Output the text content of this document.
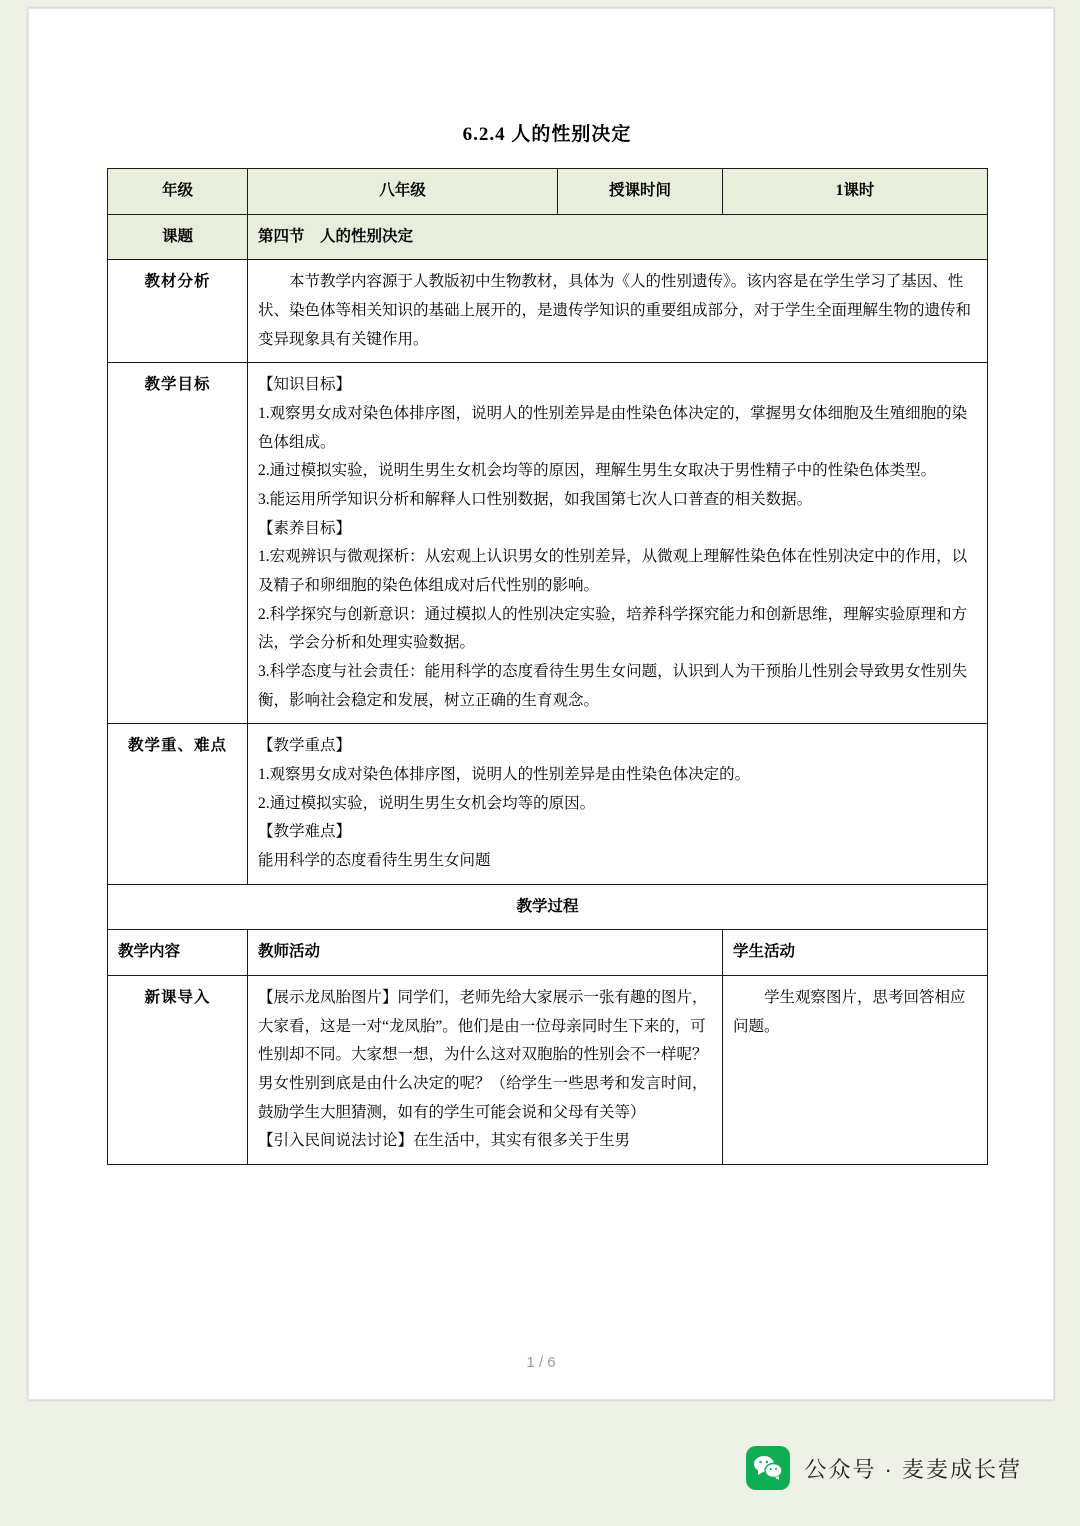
6.2.4 人的性别决定
年级	八年级	授课时间	1课时
课题	第四节　人的性别决定		
教材分析	本节教学内容源于人教版初中生物教材，具体为《人的性别遗传》。该内容是在学生学习了基因、性状、染色体等相关知识的基础上展开的，是遗传学知识的重要组成部分，对于学生全面理解生物的遗传和变异现象具有关键作用。		

教学目标	【知识目标】

1.观察男女成对染色体排序图，说明人的性别差异是由性染色体决定的，掌握男女体细胞及生殖细胞的染色体组成。

2.通过模拟实验，说明生男生女机会均等的原因，理解生男生女取决于男性精子中的性染色体类型。

3.能运用所学知识分析和解释人口性别数据，如我国第七次人口普查的相关数据。

【素养目标】

1.宏观辨识与微观探析：从宏观上认识男女的性别差异，从微观上理解性染色体在性别决定中的作用，以及精子和卵细胞的染色体组成对后代性别的影响。

2.科学探究与创新意识：通过模拟人的性别决定实验，培养科学探究能力和创新思维，理解实验原理和方法，学会分析和处理实验数据。

3.科学态度与社会责任：能用科学的态度看待生男生女问题，认识到人为干预胎儿性别会导致男女性别失衡，影响社会稳定和发展，树立正确的生育观念。

教学重、难点	【教学重点】

1.观察男女成对染色体排序图，说明人的性别差异是由性染色体决定的。

2.通过模拟实验，说明生男生女机会均等的原因。

【教学难点】

能用科学的态度看待生男生女问题		

教学过程			
教学内容	教师活动		学生活动
新课导入	【展示龙凤胎图片】同学们，老师先给大家展示一张有趣的图片，大家看，这是一对“龙凤胎”。他们是由一位母亲同时生下来的，可性别却不同。大家想一想，为什么这对双胞胎的性别会不一样呢？男女性别到底是由什么决定的呢？（给学生一些思考和发言时间，鼓励学生大胆猜测，如有的学生可能会说和父母有关等）

【引入民间说法讨论】在生活中，其实有很多关于生男		学生观察图片，思考回答相应问题。

1 / 6
公众号 · 麦麦成长营
